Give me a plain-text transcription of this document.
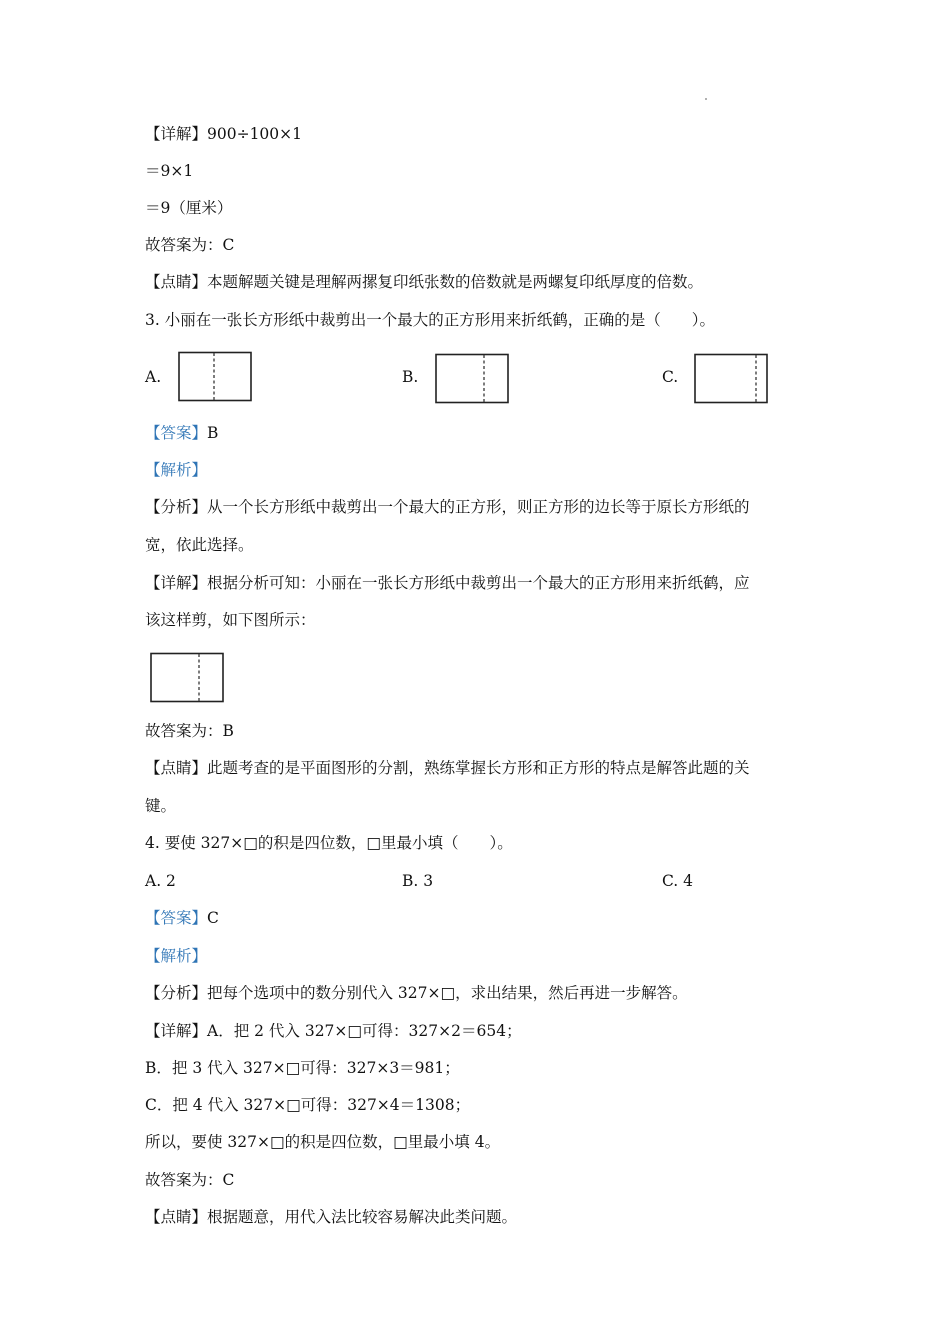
【详解】900÷100×1
＝9×1
＝9（厘米）
故答案为：C
【点睛】本题解题关键是理解两摞复印纸张数的倍数就是两螺复印纸厚度的倍数。
3. 小丽在一张长方形纸中裁剪出一个最大的正方形用来折纸鹤，正确的是（　　）。
A.	B.	C.
【答案】B
【解析】
【分析】从一个长方形纸中裁剪出一个最大的正方形，则正方形的边长等于原长方形纸的
宽，依此选择。
【详解】根据分析可知：小丽在一张长方形纸中裁剪出一个最大的正方形用来折纸鹤，应
该这样剪，如下图所示：
故答案为：B
【点睛】此题考查的是平面图形的分割，熟练掌握长方形和正方形的特点是解答此题的关
键。
4. 要使 327×□的积是四位数，□里最小填（　　）。
A. 2	B. 3	C. 4
【答案】C
【解析】
【分析】把每个选项中的数分别代入 327×□，求出结果，然后再进一步解答。
【详解】A．把 2 代入 327×□可得：327×2＝654；
B．把 3 代入 327×□可得：327×3＝981；
C．把 4 代入 327×□可得：327×4＝1308；
所以，要使 327×□的积是四位数，□里最小填 4。
故答案为：C
【点睛】根据题意，用代入法比较容易解决此类问题。
